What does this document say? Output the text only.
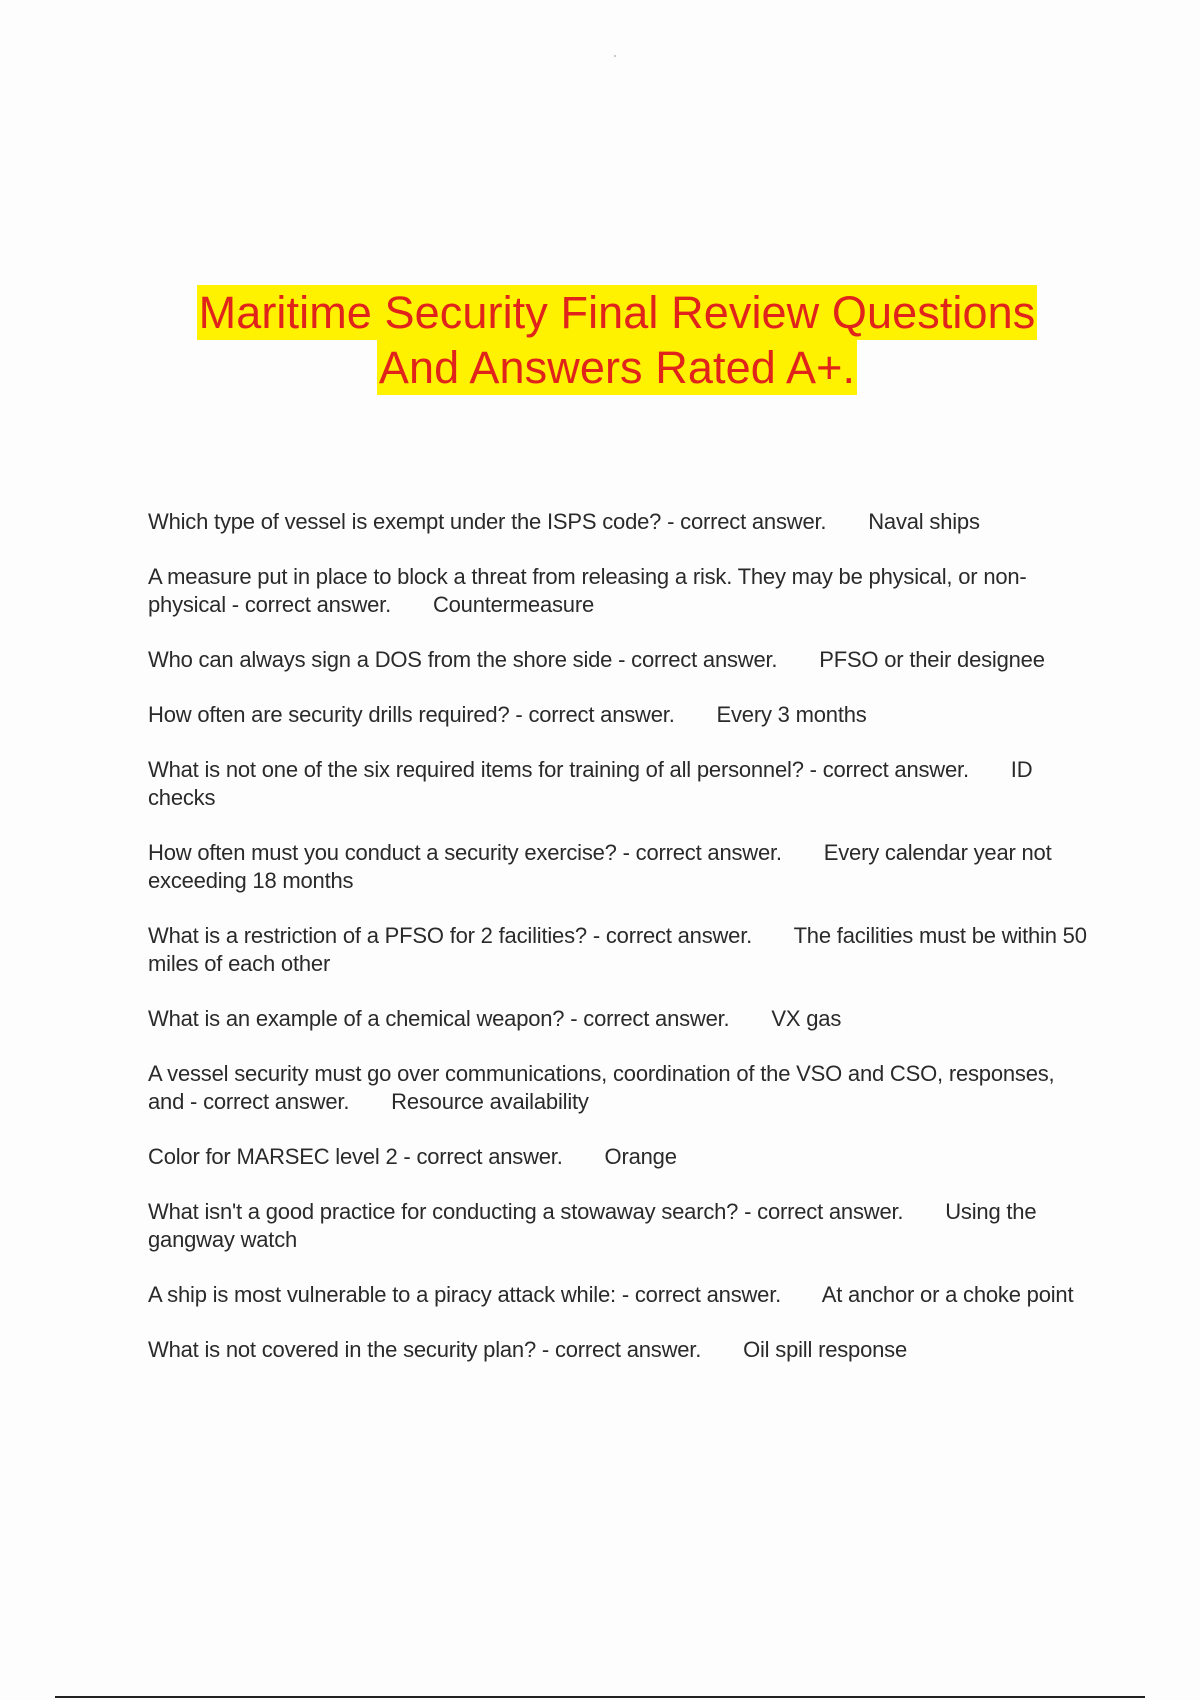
Maritime Security Final Review Questions
And Answers Rated A+.
Which type of vessel is exempt under the ISPS code? - correct answer. Naval ships
A measure put in place to block a threat from releasing a risk. They may be physical, or non-physical - correct answer. Countermeasure
Who can always sign a DOS from the shore side - correct answer. PFSO or their designee
How often are security drills required? - correct answer. Every 3 months
What is not one of the six required items for training of all personnel? - correct answer. ID checks
How often must you conduct a security exercise? - correct answer. Every calendar year not exceeding 18 months
What is a restriction of a PFSO for 2 facilities? - correct answer. The facilities must be within 50 miles of each other
What is an example of a chemical weapon? - correct answer. VX gas
A vessel security must go over communications, coordination of the VSO and CSO, responses, and - correct answer. Resource availability
Color for MARSEC level 2 - correct answer. Orange
What isn't a good practice for conducting a stowaway search? - correct answer. Using the gangway watch
A ship is most vulnerable to a piracy attack while: - correct answer. At anchor or a choke point
What is not covered in the security plan? - correct answer. Oil spill response
